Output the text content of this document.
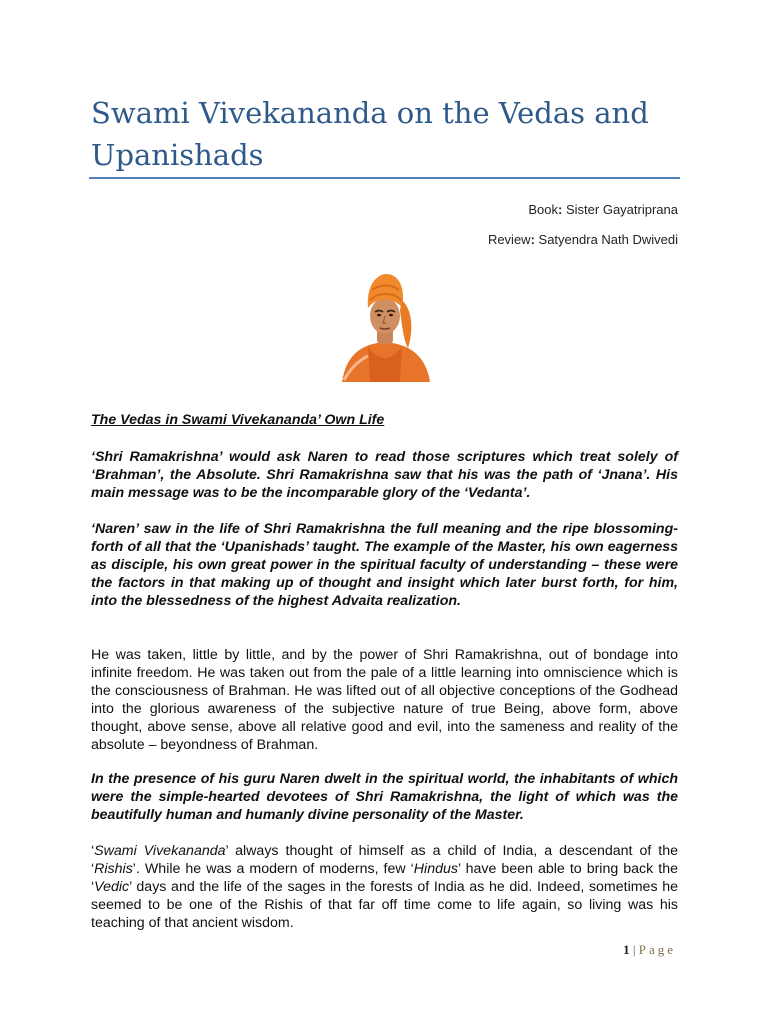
Swami Vivekananda on the Vedas and Upanishads
Book: Sister Gayatriprana
Review: Satyendra Nath Dwivedi

The Vedas in Swami Vivekananda’ Own Life

‘Shri Ramakrishna’ would ask Naren to read those scriptures which treat solely of ‘Brahman’, the Absolute. Shri Ramakrishna saw that his was the path of ‘Jnana’. His main message was to be the incomparable glory of the ‘Vedanta’.

‘Naren’ saw in the life of Shri Ramakrishna the full meaning and the ripe blossoming-forth of all that the ‘Upanishads’ taught. The example of the Master, his own eagerness as disciple, his own great power in the spiritual faculty of understanding – these were the factors in that making up of thought and insight which later burst forth, for him, into the blessedness of the highest Advaita realization.

He was taken, little by little, and by the power of Shri Ramakrishna, out of bondage into infinite freedom. He was taken out from the pale of a little learning into omniscience which is the consciousness of Brahman. He was lifted out of all objective conceptions of the Godhead into the glorious awareness of the subjective nature of true Being, above form, above thought, above sense, above all relative good and evil, into the sameness and reality of the absolute – beyondness of Brahman.

In the presence of his guru Naren dwelt in the spiritual world, the inhabitants of which were the simple-hearted devotees of Shri Ramakrishna, the light of which was the beautifully human and humanly divine personality of the Master.

‘Swami Vivekananda’ always thought of himself as a child of India, a descendant of the ‘Rishis’. While he was a modern of moderns, few ‘Hindus’ have been able to bring back the ‘Vedic’ days and the life of the sages in the forests of India as he did. Indeed, sometimes he seemed to be one of the Rishis of that far off time come to life again, so living was his teaching of that ancient wisdom.

1 | Page
